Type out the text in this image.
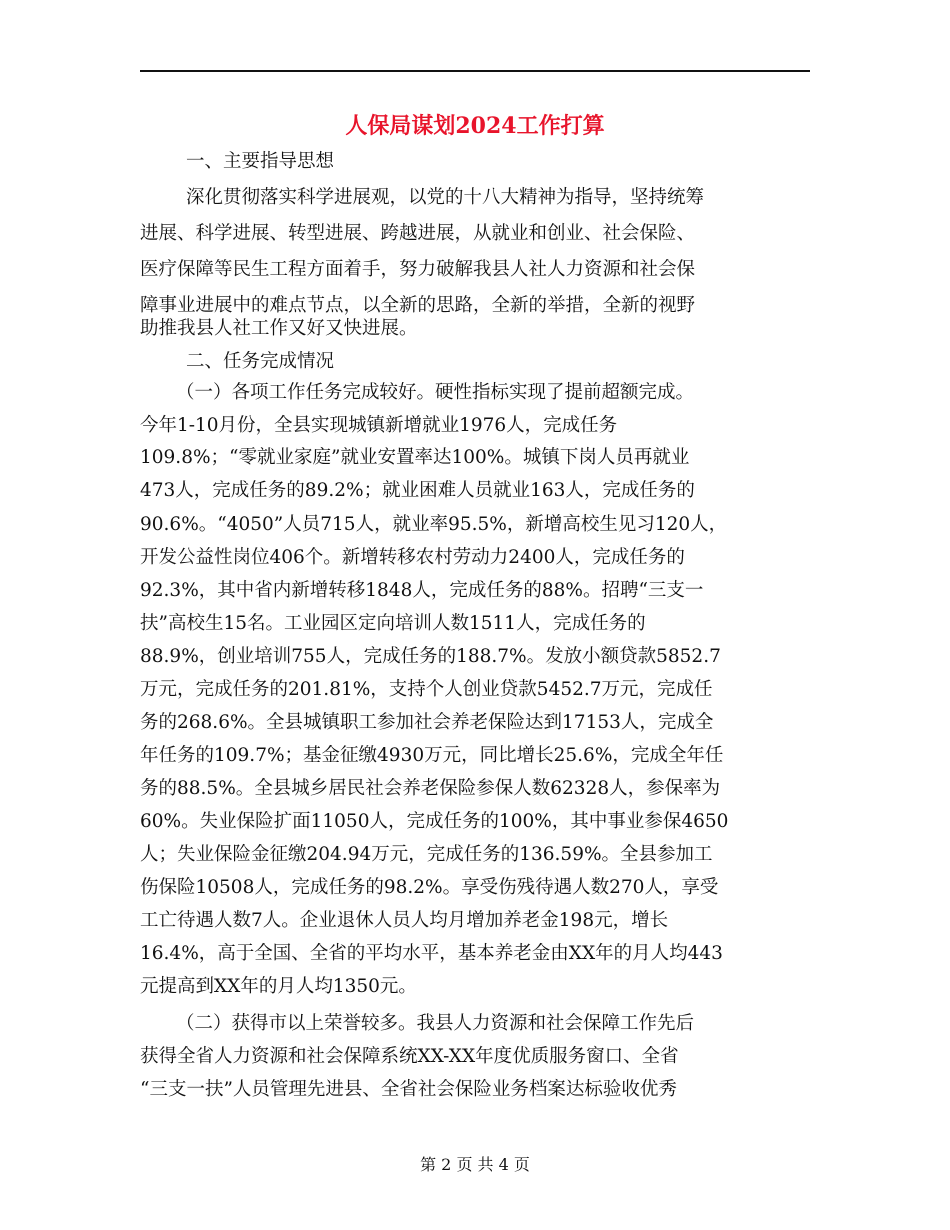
人保局谋划2024工作打算
一、主要指导思想
深化贯彻落实科学进展观，以党的十八大精神为指导，坚持统筹
进展、科学进展、转型进展、跨越进展，从就业和创业、社会保险、
医疗保障等民生工程方面着手，努力破解我县人社人力资源和社会保
障事业进展中的难点节点，以全新的思路，全新的举措，全新的视野
助推我县人社工作又好又快进展。
二、任务完成情况
（一）各项工作任务完成较好。硬性指标实现了提前超额完成。
今年1-10月份，全县实现城镇新增就业1976人，完成任务
109.8%；“零就业家庭”就业安置率达100%。城镇下岗人员再就业
473人，完成任务的89.2%；就业困难人员就业163人，完成任务的
90.6%。“4050”人员715人，就业率95.5%，新增高校生见习120人，
开发公益性岗位406个。新增转移农村劳动力2400人，完成任务的
92.3%，其中省内新增转移1848人，完成任务的88%。招聘“三支一
扶”高校生15名。工业园区定向培训人数1511人，完成任务的
88.9%，创业培训755人，完成任务的188.7%。发放小额贷款5852.7
万元，完成任务的201.81%，支持个人创业贷款5452.7万元，完成任
务的268.6%。全县城镇职工参加社会养老保险达到17153人，完成全
年任务的109.7%；基金征缴4930万元，同比增长25.6%，完成全年任
务的88.5%。全县城乡居民社会养老保险参保人数62328人，参保率为
60%。失业保险扩面11050人，完成任务的100%，其中事业参保4650
人；失业保险金征缴204.94万元，完成任务的136.59%。全县参加工
伤保险10508人，完成任务的98.2%。享受伤残待遇人数270人，享受
工亡待遇人数7人。企业退休人员人均月增加养老金198元，增长
16.4%，高于全国、全省的平均水平，基本养老金由XX年的月人均443
元提高到XX年的月人均1350元。
（二）获得市以上荣誉较多。我县人力资源和社会保障工作先后
获得全省人力资源和社会保障系统XX-XX年度优质服务窗口、全省
“三支一扶”人员管理先进县、全省社会保险业务档案达标验收优秀
第 2 页 共 4 页
